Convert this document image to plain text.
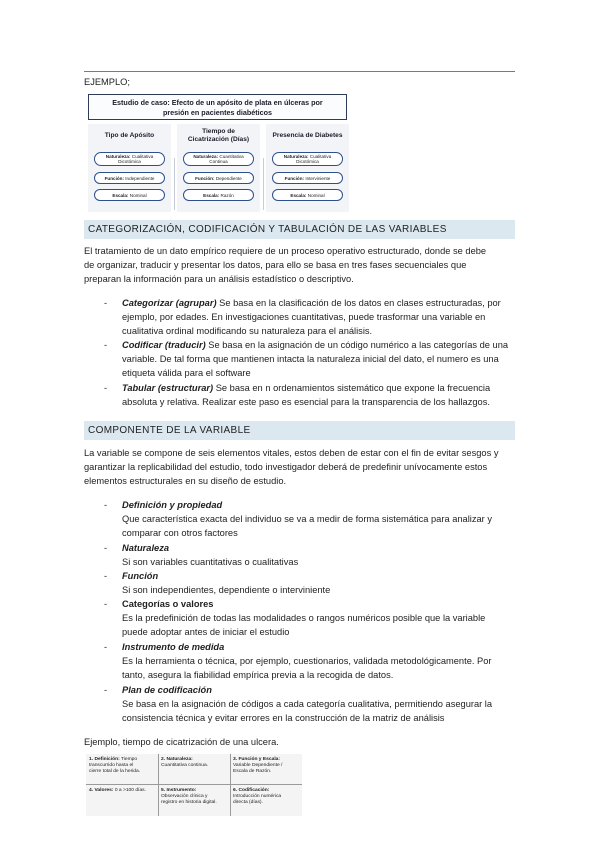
EJEMPLO;
Estudio de caso: Efecto de un apósito de plata en úlceras por
presión en pacientes diabéticos
Tipo de Apósito
Naturaleza: Cualitativa
Dicotómica
Función: Independiente
Escala: Nominal
Tiempo de
Cicatrización (Días)
Naturaleza: Cuantitativa
Continua
Función: Dependiente
Escala: Razón
Presencia de Diabetes
Naturaleza: Cualitativa
Dicotómica
Función: Interviniente
Escala: Nominal
CATEGORIZACIÓN, CODIFICACIÓN Y TABULACIÓN DE LAS VARIABLES
El tratamiento de un dato empírico requiere de un proceso operativo estructurado, donde se debe
de organizar, traducir y presentar los datos, para ello se basa en tres fases secuenciales que
preparan la información para un análisis estadístico o descriptivo.
- Categorizar (agrupar) Se basa en la clasificación de los datos en clases estructuradas, por
ejemplo, por edades. En investigaciones cuantitativas, puede trasformar una variable en
cualitativa ordinal modificando su naturaleza para el análisis.
- Codificar (traducir) Se basa en la asignación de un código numérico a las categorías de una
variable. De tal forma que mantienen intacta la naturaleza inicial del dato, el numero es una
etiqueta válida para el software
- Tabular (estructurar) Se basa en n ordenamientos sistemático que expone la frecuencia
absoluta y relativa. Realizar este paso es esencial para la transparencia de los hallazgos.
COMPONENTE DE LA VARIABLE
La variable se compone de seis elementos vitales, estos deben de estar con el fin de evitar sesgos y
garantizar la replicabilidad del estudio, todo investigador deberá de predefinir unívocamente estos
elementos estructurales en su diseño de estudio.
- Definición y propiedad
Que característica exacta del individuo se va a medir de forma sistemática para analizar y
comparar con otros factores
- Naturaleza
Si son variables cuantitativas o cualitativas
- Función
Si son independientes, dependiente o interviniente
- Categorías o valores
Es la predefinición de todas las modalidades o rangos numéricos posible que la variable
puede adoptar antes de iniciar el estudio
- Instrumento de medida
Es la herramienta o técnica, por ejemplo, cuestionarios, validada metodológicamente. Por
tanto, asegura la fiabilidad empírica previa a la recogida de datos.
- Plan de codificación
Se basa en la asignación de códigos a cada categoría cualitativa, permitiendo asegurar la
consistencia técnica y evitar errores en la construcción de la matriz de análisis
Ejemplo, tiempo de cicatrización de una ulcera.
1. Definición: Tiempo
transcurrido hasta el
cierre total de la herida.
2. Naturaleza:
Cuantitativa continua.
3. Función y Escala:
Variable Dependiente /
Escala de Razón.
4. Valores: 0 a >100 días.	5. Instrumento:
Observación clínica y
registro en historia digital.
6. Codificación:
Introducción numérica
directa (días).
